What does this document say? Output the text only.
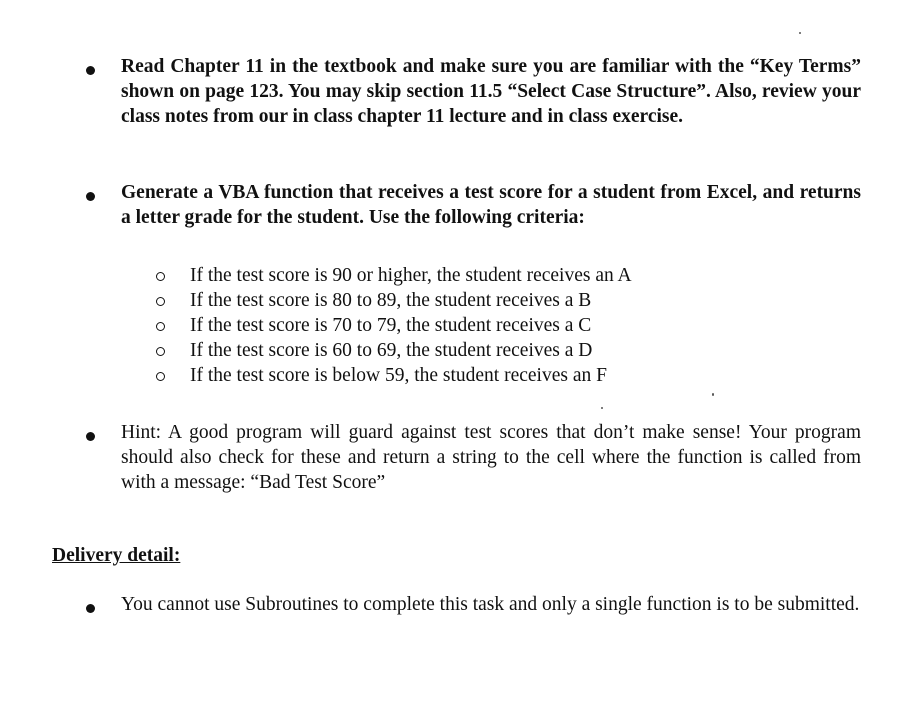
Read Chapter 11 in the textbook and make sure you are familiar with the “Key Terms” shown on page 123. You may skip section 11.5 “Select Case Structure”. Also, review your class notes from our in class chapter 11 lecture and in class exercise.
Generate a VBA function that receives a test score for a student from Excel, and returns a letter grade for the student. Use the following criteria:
If the test score is 90 or higher, the student receives an A
If the test score is 80 to 89, the student receives a B
If the test score is 70 to 79, the student receives a C
If the test score is 60 to 69, the student receives a D
If the test score is below 59, the student receives an F
Hint: A good program will guard against test scores that don’t make sense! Your program should also check for these and return a string to the cell where the function is called from with a message: “Bad Test Score”
Delivery detail:
You cannot use Subroutines to complete this task and only a single function is to be submitted.
